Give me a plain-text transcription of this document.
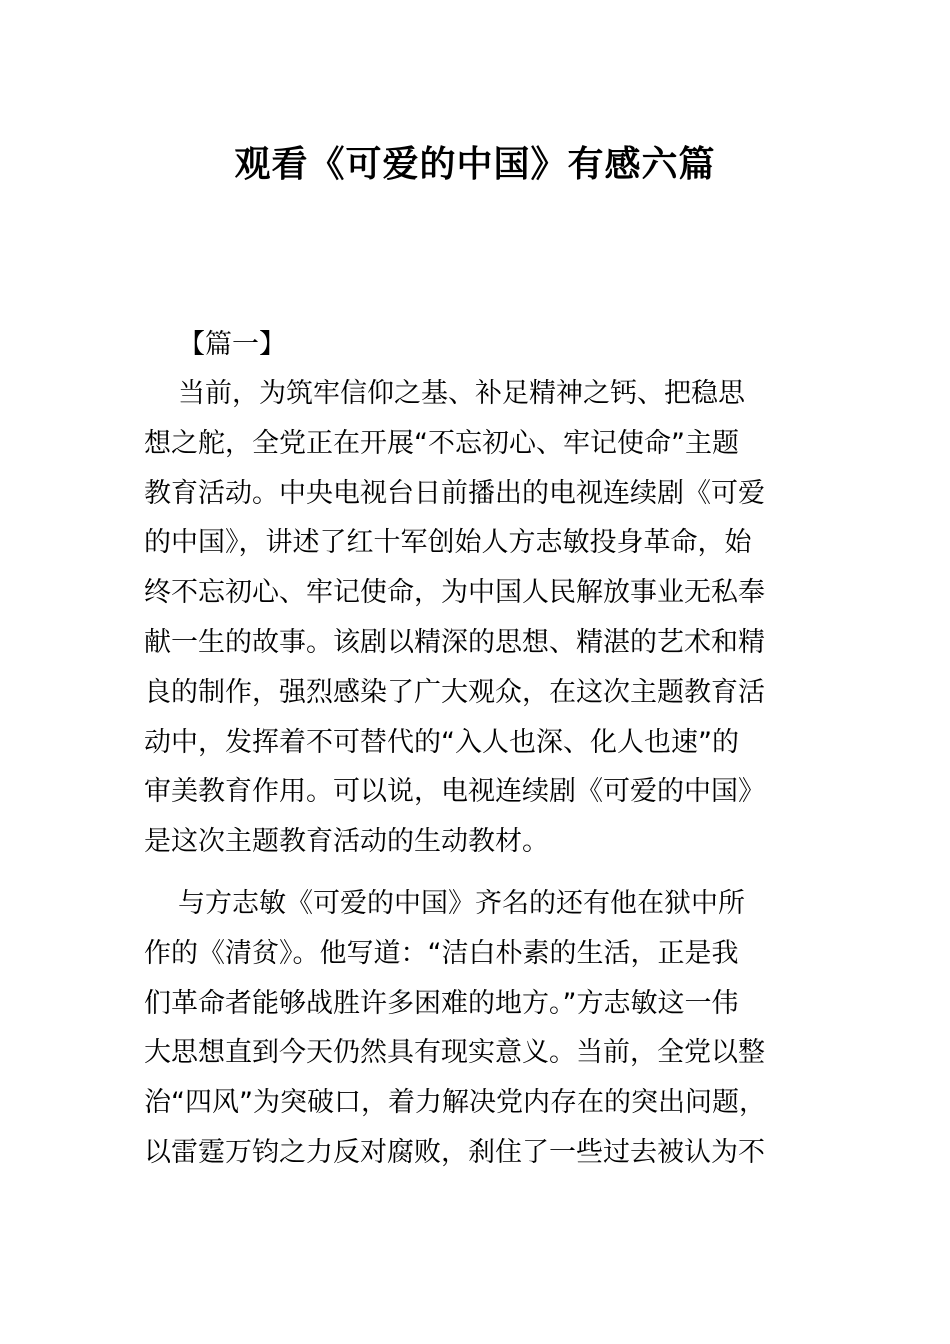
观看《可爱的中国》有感六篇
【篇一】
当前，为筑牢信仰之基、补足精神之钙、把稳思
想之舵，全党正在开展“不忘初心、牢记使命”主题
教育活动。中央电视台日前播出的电视连续剧《可爱
的中国》，讲述了红十军创始人方志敏投身革命，始
终不忘初心、牢记使命，为中国人民解放事业无私奉
献一生的故事。该剧以精深的思想、精湛的艺术和精
良的制作，强烈感染了广大观众，在这次主题教育活
动中，发挥着不可替代的“入人也深、化人也速”的
审美教育作用。可以说，电视连续剧《可爱的中国》
是这次主题教育活动的生动教材。
与方志敏《可爱的中国》齐名的还有他在狱中所
作的《清贫》。他写道：“洁白朴素的生活，正是我
们革命者能够战胜许多困难的地方。”方志敏这一伟
大思想直到今天仍然具有现实意义。当前，全党以整
治“四风”为突破口，着力解决党内存在的突出问题，
以雷霆万钧之力反对腐败，刹住了一些过去被认为不
